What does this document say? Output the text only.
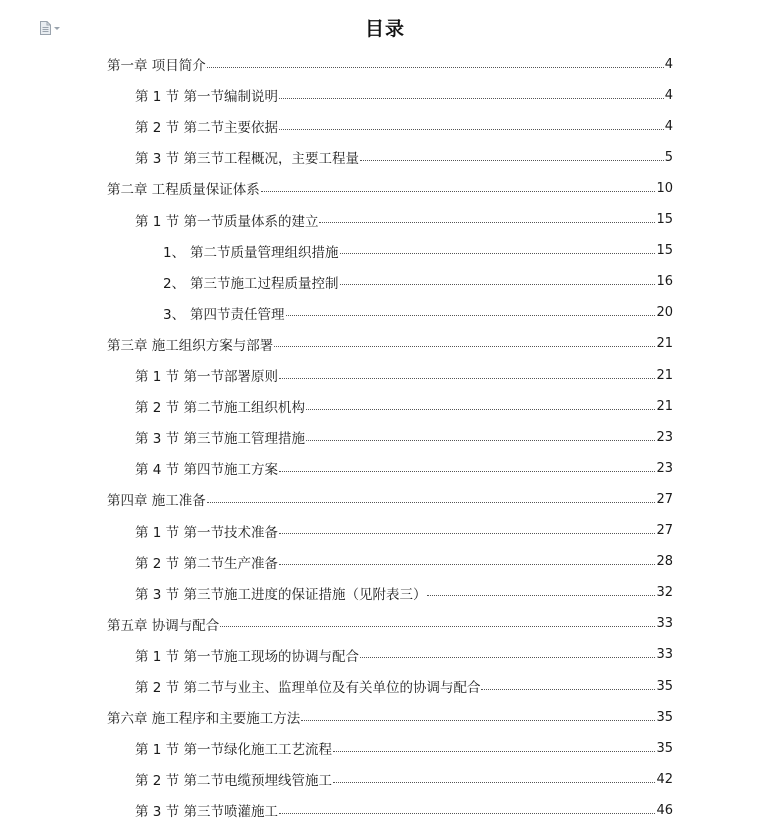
目录
第一章 项目简介	4
第 1 节 第一节编制说明	4
第 2 节 第二节主要依据	4
第 3 节 第三节工程概况，主要工程量	5
第二章 工程质量保证体系	10
第 1 节 第一节质量体系的建立	15
1、 第二节质量管理组织措施	15
2、 第三节施工过程质量控制	16
3、 第四节责任管理	20
第三章 施工组织方案与部署	21
第 1 节 第一节部署原则	21
第 2 节 第二节施工组织机构	21
第 3 节 第三节施工管理措施	23
第 4 节 第四节施工方案	23
第四章 施工准备	27
第 1 节 第一节技术准备	27
第 2 节 第二节生产准备	28
第 3 节 第三节施工进度的保证措施（见附表三）	32
第五章 协调与配合	33
第 1 节 第一节施工现场的协调与配合	33
第 2 节 第二节与业主、监理单位及有关单位的协调与配合	35
第六章 施工程序和主要施工方法	35
第 1 节 第一节绿化施工工艺流程	35
第 2 节 第二节电缆预埋线管施工	42
第 3 节 第三节喷灌施工	46
